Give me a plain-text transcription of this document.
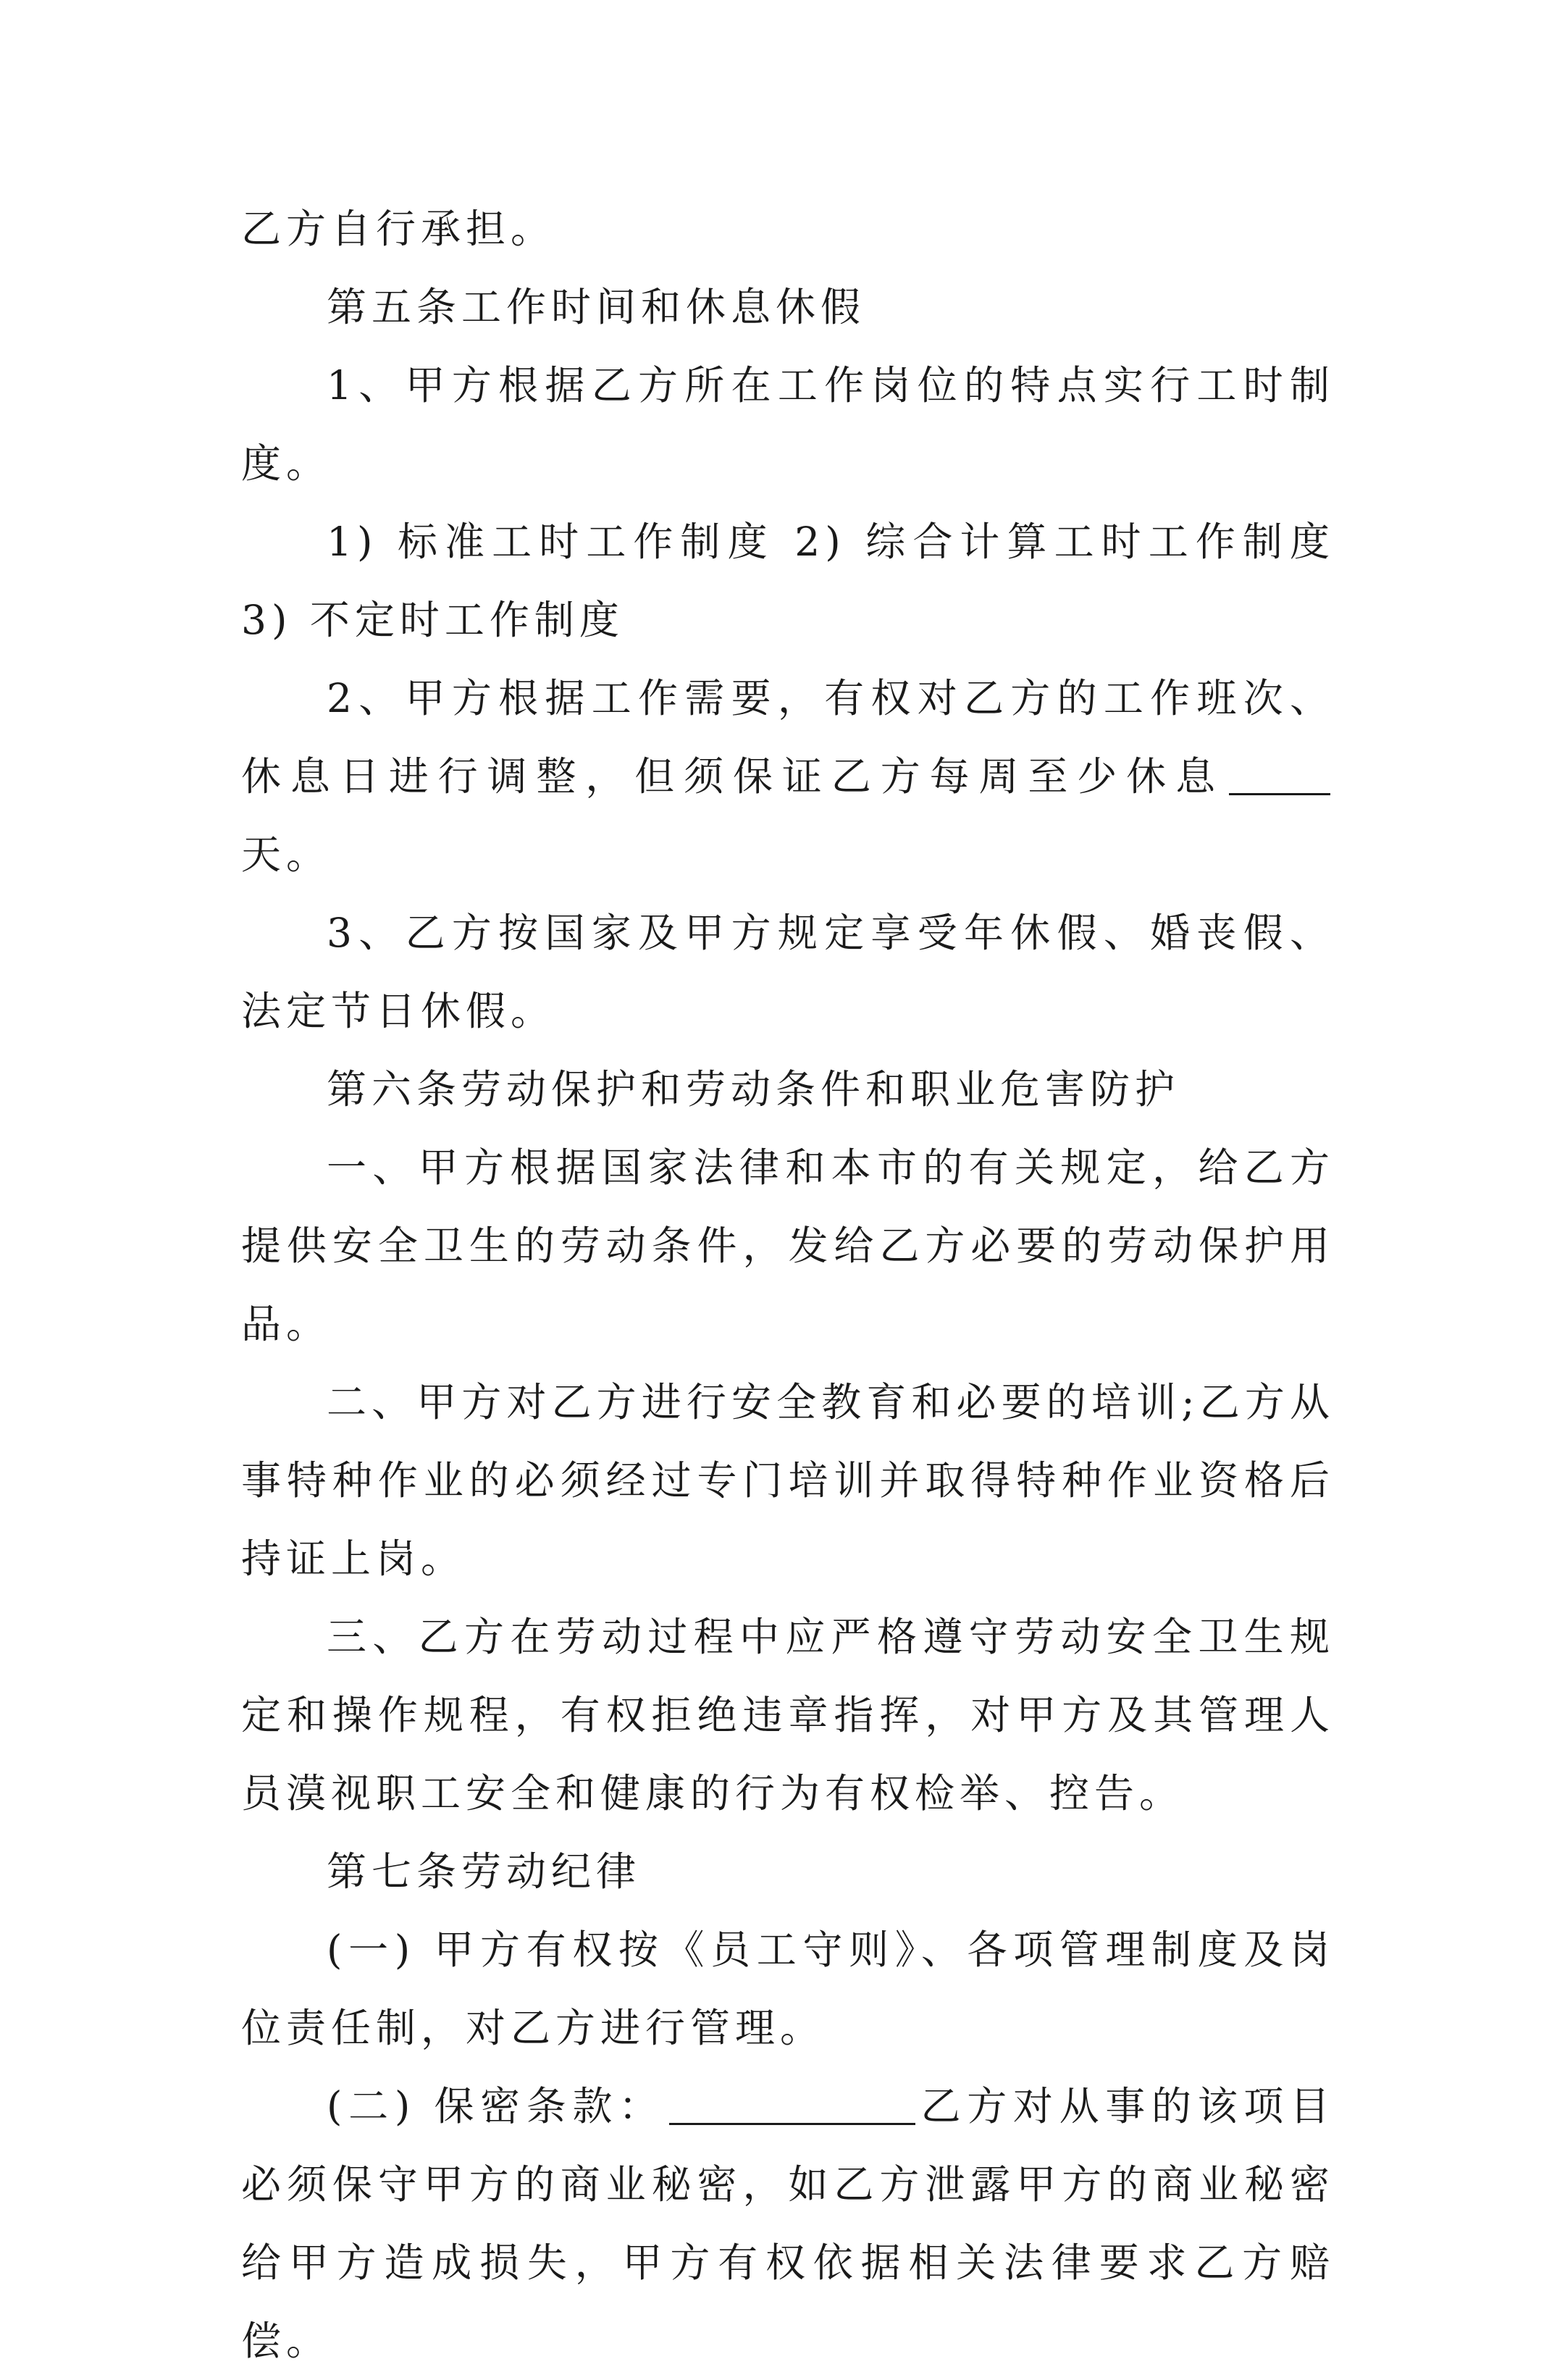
乙方自行承担。

第五条工作时间和休息休假

1、甲方根据乙方所在工作岗位的特点实行工时制度。

1) 标准工时工作制度 2) 综合计算工时工作制度 3) 不定时工作制度

2、甲方根据工作需要，有权对乙方的工作班次、休息日进行调整，但须保证乙方每周至少休息天。

3、乙方按国家及甲方规定享受年休假、婚丧假、法定节日休假。

第六条劳动保护和劳动条件和职业危害防护

一、甲方根据国家法律和本市的有关规定，给乙方提供安全卫生的劳动条件，发给乙方必要的劳动保护用品。

二、甲方对乙方进行安全教育和必要的培训;乙方从事特种作业的必须经过专门培训并取得特种作业资格后持证上岗。

三、乙方在劳动过程中应严格遵守劳动安全卫生规定和操作规程，有权拒绝违章指挥，对甲方及其管理人员漠视职工安全和健康的行为有权检举、控告。

第七条劳动纪律

(一) 甲方有权按《员工守则》、各项管理制度及岗位责任制，对乙方进行管理。

(二) 保密条款：	乙方对从事的该项目必须保守甲方的商业秘密，如乙方泄露甲方的商业秘密给甲方造成损失，甲方有权依据相关法律要求乙方赔偿。
